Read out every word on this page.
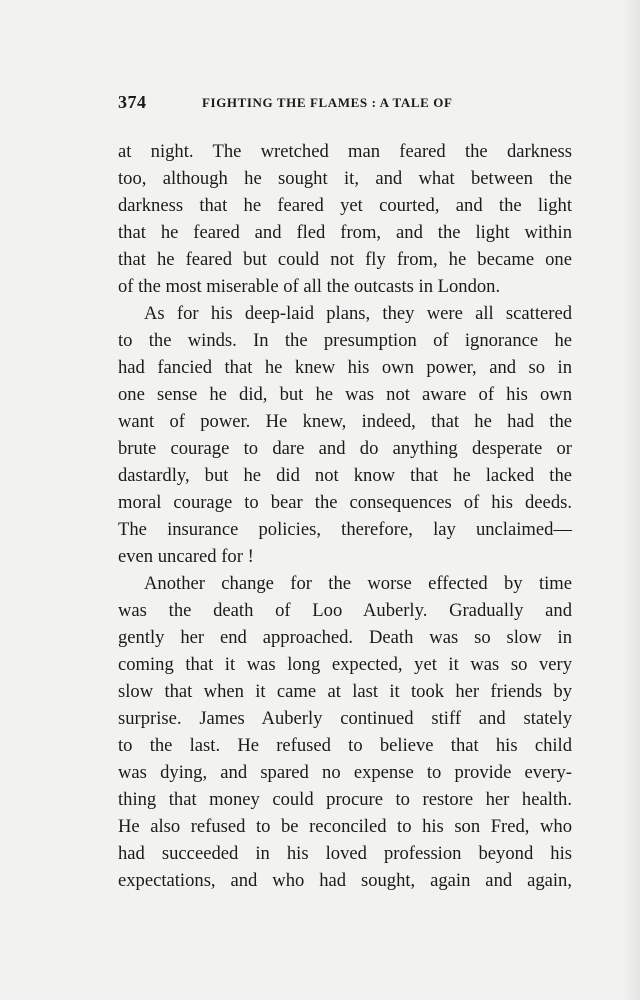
374	FIGHTING THE FLAMES : A TALE OF
at night. The wretched man feared the darkness
too, although he sought it, and what between the
darkness that he feared yet courted, and the light
that he feared and fled from, and the light within
that he feared but could not fly from, he became one
of the most miserable of all the outcasts in London.
As for his deep-laid plans, they were all scattered
to the winds. In the presumption of ignorance he
had fancied that he knew his own power, and so in
one sense he did, but he was not aware of his own
want of power. He knew, indeed, that he had the
brute courage to dare and do anything desperate or
dastardly, but he did not know that he lacked the
moral courage to bear the consequences of his deeds.
The insurance policies, therefore, lay unclaimed—
even uncared for !
Another change for the worse effected by time
was the death of Loo Auberly. Gradually and
gently her end approached. Death was so slow in
coming that it was long expected, yet it was so very
slow that when it came at last it took her friends by
surprise. James Auberly continued stiff and stately
to the last. He refused to believe that his child
was dying, and spared no expense to provide every-
thing that money could procure to restore her health.
He also refused to be reconciled to his son Fred, who
had succeeded in his loved profession beyond his
expectations, and who had sought, again and again,
